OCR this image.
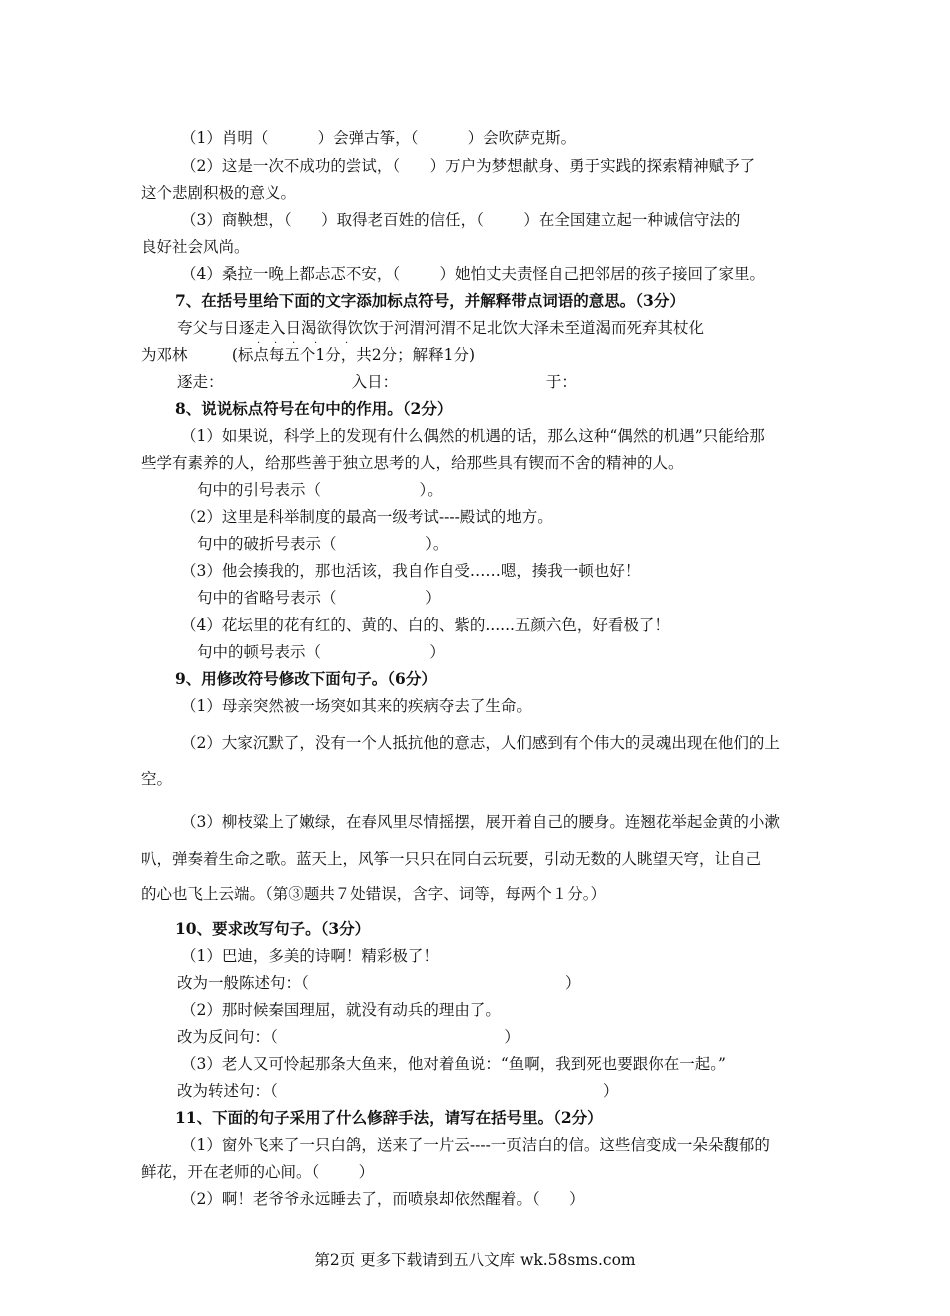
（1）肖明（          ）会弹古筝，（          ）会吹萨克斯。
（2）这是一次不成功的尝试，（      ）万户为梦想献身、勇于实践的探索精神赋予了
这个悲剧积极的意义。
（3）商鞅想，（      ）取得老百姓的信任，（        ）在全国建立起一种诚信守法的
良好社会风尚。
（4）桑拉一晚上都忐忑不安，（        ）她怕丈夫责怪自己把邻居的孩子接回了家里。
7、在括号里给下面的文字添加标点符号，并解释带点词语的意思。（3分）
夸父与日逐走入日渴欲得饮饮于河渭河渭不足北饮大泽未至道渴而死弃其杖化
· · · ·	·
为邓林         (标点每五个1分，共2分；解释1分)
逐走：                          入日：                              于：
8、说说标点符号在句中的作用。（2分）
（1）如果说，科学上的发现有什么偶然的机遇的话，那么这种“偶然的机遇”只能给那
些学有素养的人，给那些善于独立思考的人，给那些具有锲而不舍的精神的人。
句中的引号表示（                    ）。
（2）这里是科举制度的最高一级考试----殿试的地方。
句中的破折号表示（                  ）。
（3）他会揍我的，那也活该，我自作自受……嗯，揍我一顿也好！
句中的省略号表示（                  ）
（4）花坛里的花有红的、黄的、白的、紫的......五颜六色，好看极了！
句中的顿号表示（                      ）
9、用修改符号修改下面句子。（6分）
（1）母亲突然被一场突如其来的疾病夺去了生命。
（2）大家沉默了，没有一个人抵抗他的意志，人们感到有个伟大的灵魂出现在他们的上
空。
（3）柳枝粱上了嫩绿，在春风里尽情摇摆，展开着自己的腰身。连翘花举起金黄的小漱
叭，弹奏着生命之歌。蓝天上，风筝一只只在同白云玩要，引动无数的人眺望天穹，让自己
的心也飞上云端。（第③题共７处错误，含字、词等，每两个１分。）
10、要求改写句子。（3分）
（1）巴迪，多美的诗啊！精彩极了！
改为一般陈述句：（                                                    ）
（2）那时候秦国理屈，就没有动兵的理由了。
改为反问句：（                                              ）
（3）老人又可怜起那条大鱼来，他对着鱼说：“鱼啊，我到死也要跟你在一起。”
改为转述句：（                                                                  ）
11、下面的句子采用了什么修辞手法，请写在括号里。（2分）
（1）窗外飞来了一只白鸽，送来了一片云----一页洁白的信。这些信变成一朵朵馥郁的
鲜花，开在老师的心间。（        ）
（2）啊！老爷爷永远睡去了，而喷泉却依然醒着。（      ）
第2页 更多下载请到五八文库 wk.58sms.com
